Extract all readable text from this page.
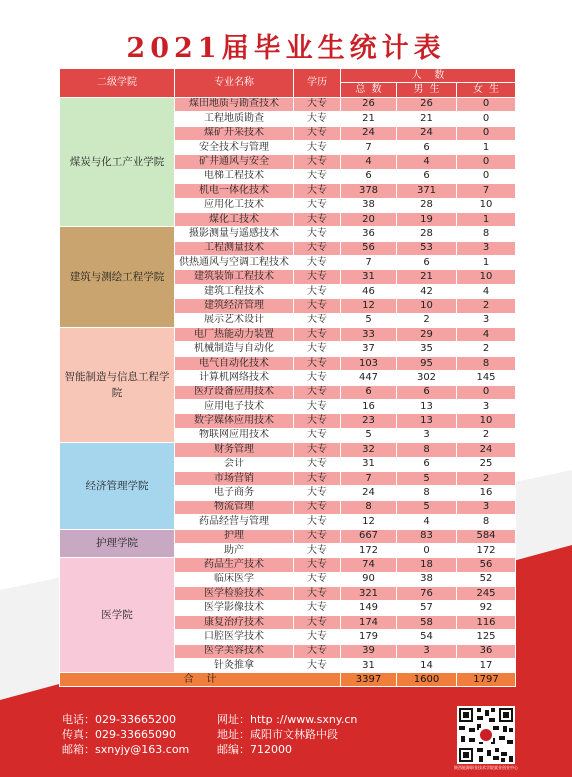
2021届毕业生统计表
二级学院	专业名称	学历	人    数		
			总  数	男  生	女  生
煤炭与化工产业学院	煤田地质与勘查技术	大专	26	26	0
	工程地质勘查	大专	21	21	0
	煤矿开采技术	大专	24	24	0
	安全技术与管理	大专	7	6	1
	矿井通风与安全	大专	4	4	0
	电梯工程技术	大专	6	6	0
	机电一体化技术	大专	378	371	7
	应用化工技术	大专	38	28	10
	煤化工技术	大专	20	19	1
建筑与测绘工程学院	摄影测量与遥感技术	大专	36	28	8
	工程测量技术	大专	56	53	3
	供热通风与空调工程技术	大专	7	6	1
	建筑装饰工程技术	大专	31	21	10
	建筑工程技术	大专	46	42	4
	建筑经济管理	大专	12	10	2
	展示艺术设计	大专	5	2	3
智能制造与信息工程学院	电厂热能动力装置	大专	33	29	4
	机械制造与自动化	大专	37	35	2
	电气自动化技术	大专	103	95	8
	计算机网络技术	大专	447	302	145
	医疗设备应用技术	大专	6	6	0
	应用电子技术	大专	16	13	3
	数字媒体应用技术	大专	23	13	10
	物联网应用技术	大专	5	3	2
经济管理学院	财务管理	大专	32	8	24
	会计	大专	31	6	25
	市场营销	大专	7	5	2
	电子商务	大专	24	8	16
	物流管理	大专	8	5	3
	药品经营与管理	大专	12	4	8
护理学院	护理	大专	667	83	584
	助产	大专	172	0	172
医学院	药品生产技术	大专	74	18	56
	临床医学	大专	90	38	52
	医学检验技术	大专	321	76	245
	医学影像技术	大专	149	57	92
	康复治疗技术	大专	174	58	116
	口腔医学技术	大专	179	54	125
	医学美容技术	大专	39	3	36
	针灸推拿	大专	31	14	17
合    计			3397	1600	1797
电话：029-33665200
传真：029-33665090
邮箱：sxnyjy@163.com
网址：http ://www.sxny.cn
地址：咸阳市文林路中段
邮编：712000
陕西能源职业技术学院就业创业中心
